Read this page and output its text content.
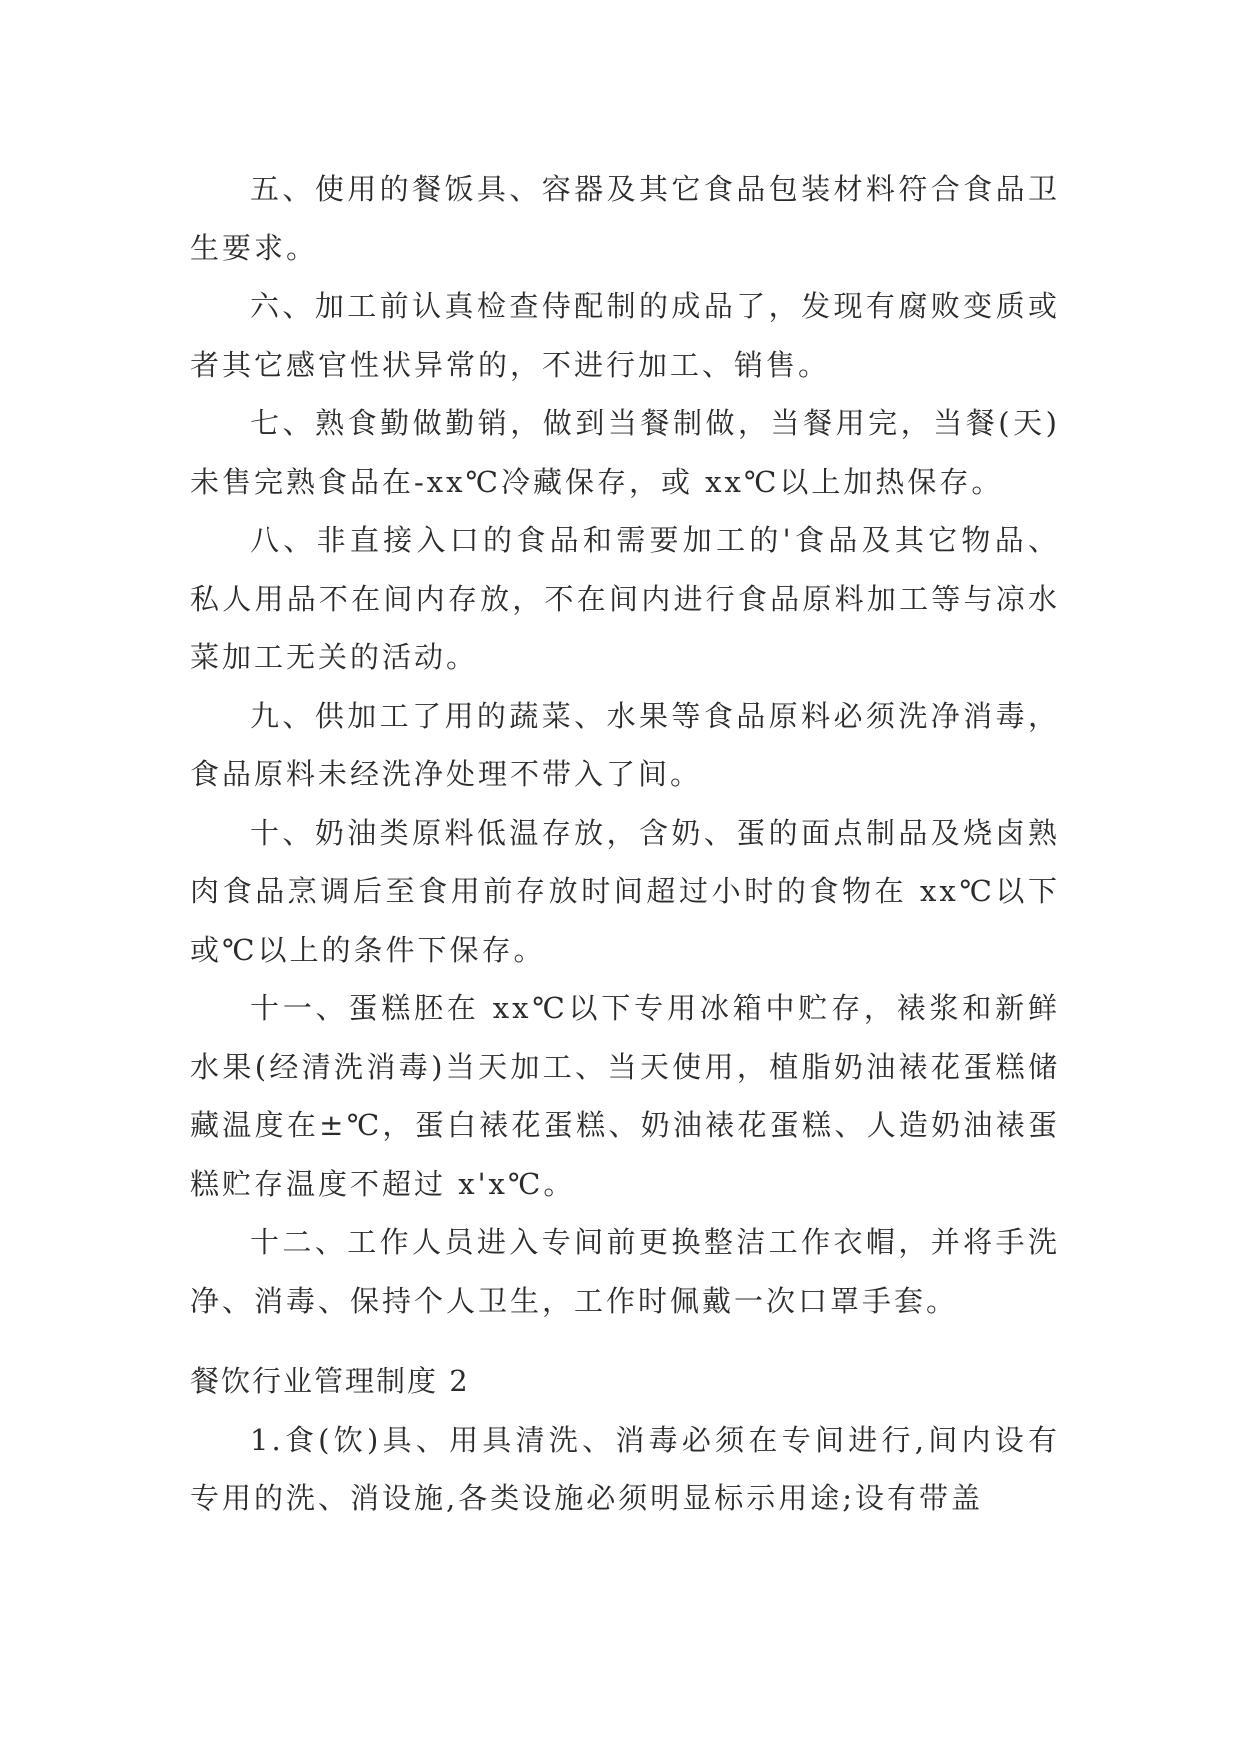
五、使用的餐饭具、容器及其它食品包装材料符合食品卫生要求。

六、加工前认真检查侍配制的成品了，发现有腐败变质或者其它感官性状异常的，不进行加工、销售。

七、熟食勤做勤销，做到当餐制做，当餐用完，当餐(天)未售完熟食品在-xx℃冷藏保存，或 xx℃以上加热保存。

八、非直接入口的食品和需要加工的'食品及其它物品、私人用品不在间内存放，不在间内进行食品原料加工等与凉水菜加工无关的活动。

九、供加工了用的蔬菜、水果等食品原料必须洗净消毒，食品原料未经洗净处理不带入了间。

十、奶油类原料低温存放，含奶、蛋的面点制品及烧卤熟肉食品烹调后至食用前存放时间超过小时的食物在 xx℃以下或℃以上的条件下保存。

十一、蛋糕胚在 xx℃以下专用冰箱中贮存，裱浆和新鲜水果(经清洗消毒)当天加工、当天使用，植脂奶油裱花蛋糕储藏温度在±℃，蛋白裱花蛋糕、奶油裱花蛋糕、人造奶油裱蛋糕贮存温度不超过 x'x℃。

十二、工作人员进入专间前更换整洁工作衣帽，并将手洗净、消毒、保持个人卫生，工作时佩戴一次口罩手套。

餐饮行业管理制度 2

1.食(饮)具、用具清洗、消毒必须在专间进行,间内设有专用的洗、消设施,各类设施必须明显标示用途;设有带盖
